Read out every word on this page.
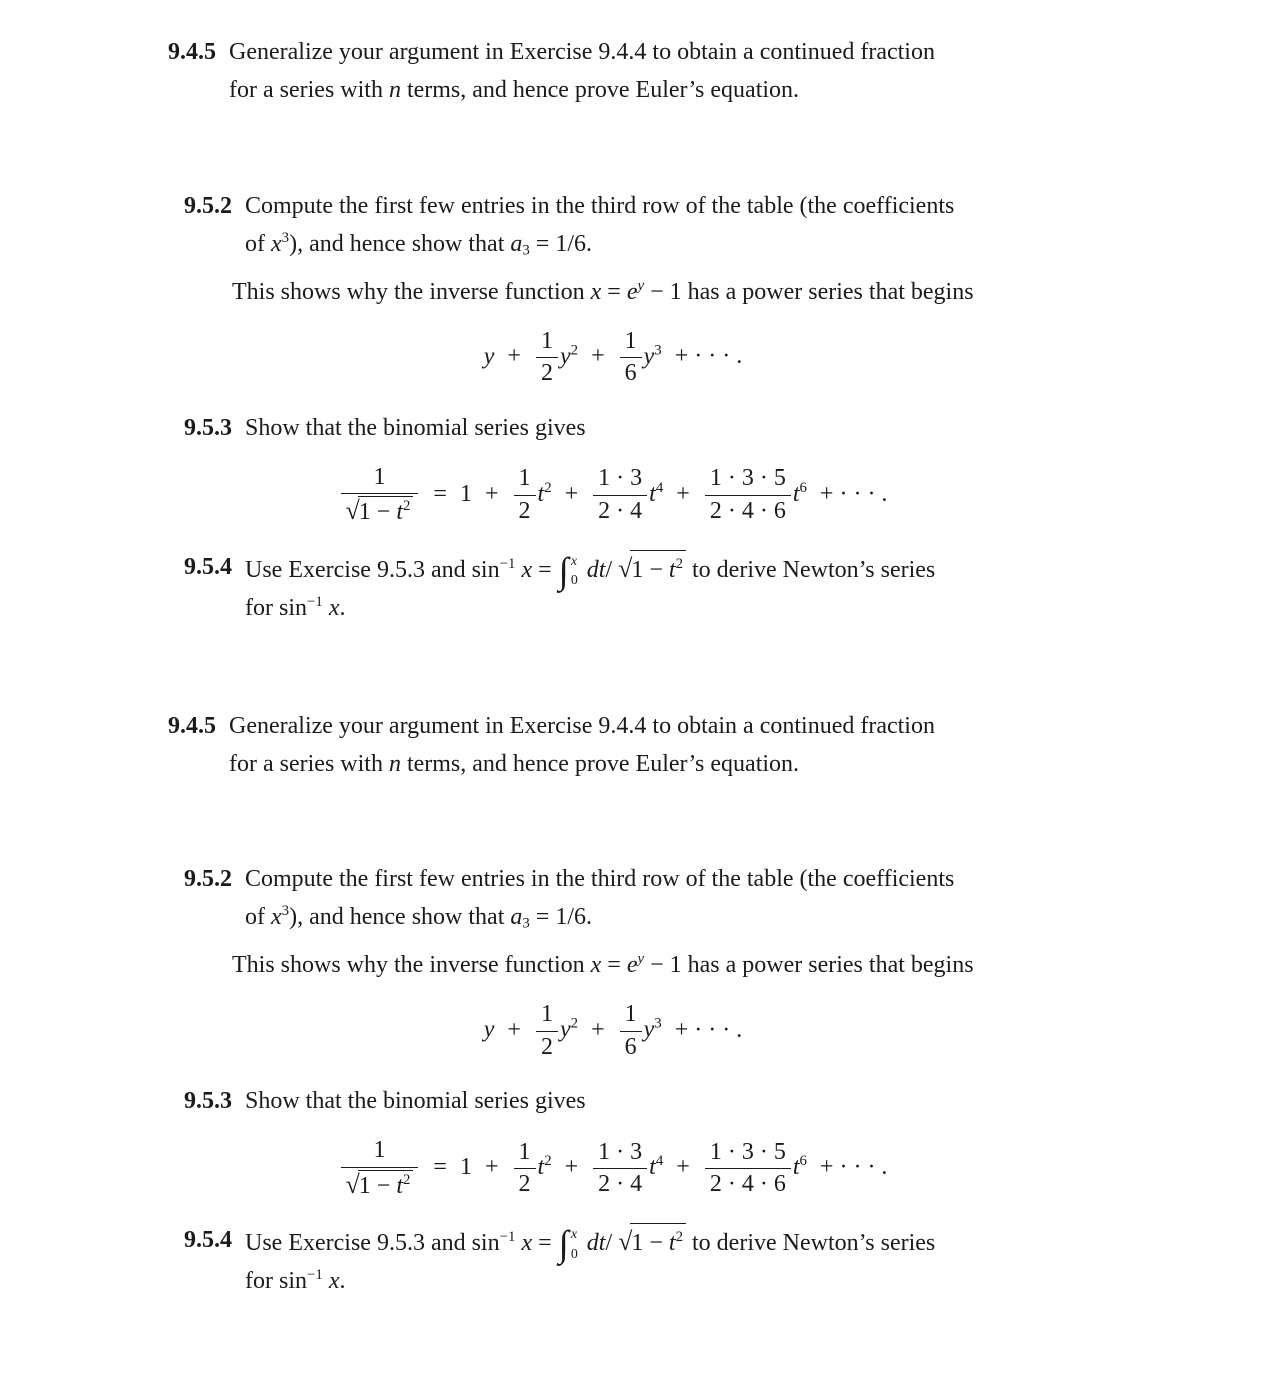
9.4.5 Generalize your argument in Exercise 9.4.4 to obtain a continued fraction
for a series with n terms, and hence prove Euler’s equation.
9.5.2 Compute the first few entries in the third row of the table (the coefficients
of $x^3$), and hence show that $a_3 = 1/6$.

This shows why the inverse function $x = e^y - 1$ has a power series that begins

$y + \frac{1}{2} y^2 + \frac{1}{6} y^3$ + · · · .
9.5.3 Show that the binomial series gives
$\frac{1}{√1 - t^2} = 1 + \frac{1}{2} t^2 + \frac{1 \cdot 3}{2 \cdot 4} t^4 + \frac{1 \cdot 3 \cdot 5}{2 \cdot 4 \cdot 6} t^6$ + · · · .
9.5.4 Use Exercise 9.5.3 and $\sin^{-1} x$ = ∫ x
0 dt/ $√1 - t^2$ to derive Newton’s series
for $\sin^{-1} x$.
9.4.5 Generalize your argument in Exercise 9.4.4 to obtain a continued fraction
for a series with n terms, and hence prove Euler’s equation.
9.5.2 Compute the first few entries in the third row of the table (the coefficients
of $x^3$), and hence show that $a_3 = 1/6$.

This shows why the inverse function $x = e^y - 1$ has a power series that begins

$y + \frac{1}{2} y^2 + \frac{1}{6} y^3$ + · · · .
9.5.3 Show that the binomial series gives
$\frac{1}{√1 - t^2} = 1 + \frac{1}{2} t^2 + \frac{1 \cdot 3}{2 \cdot 4} t^4 + \frac{1 \cdot 3 \cdot 5}{2 \cdot 4 \cdot 6} t^6$ + · · · .
9.5.4 Use Exercise 9.5.3 and $\sin^{-1} x$ = ∫ x
0 dt/ $√1 - t^2$ to derive Newton’s series
for $\sin^{-1} x$.
